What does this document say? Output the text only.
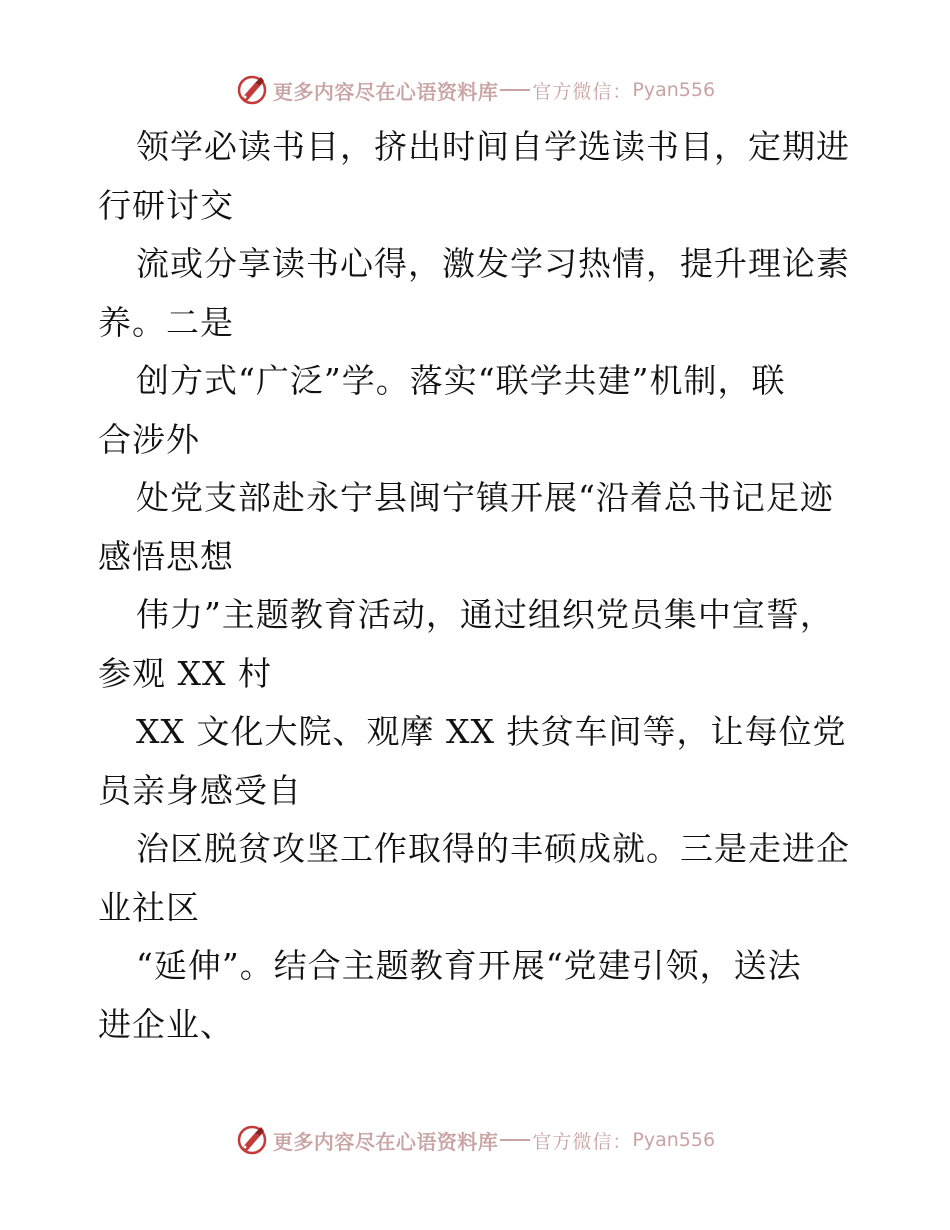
更多内容尽在心语资料库 官方微信： Pyan556
领学必读书目，挤出时间自学选读书目，定期进
行研讨交
流或分享读书心得，激发学习热情，提升理论素
养。二是
创方式“广泛”学。落实“联学共建”机制，联
合涉外
处党支部赴永宁县闽宁镇开展“沿着总书记足迹
感悟思想
伟力”主题教育活动，通过组织党员集中宣誓，
参观 XX 村
XX 文化大院、观摩 XX 扶贫车间等，让每位党
员亲身感受自
治区脱贫攻坚工作取得的丰硕成就。三是走进企
业社区
“延伸”。结合主题教育开展“党建引领，送法
进企业、
更多内容尽在心语资料库 官方微信： Pyan556
